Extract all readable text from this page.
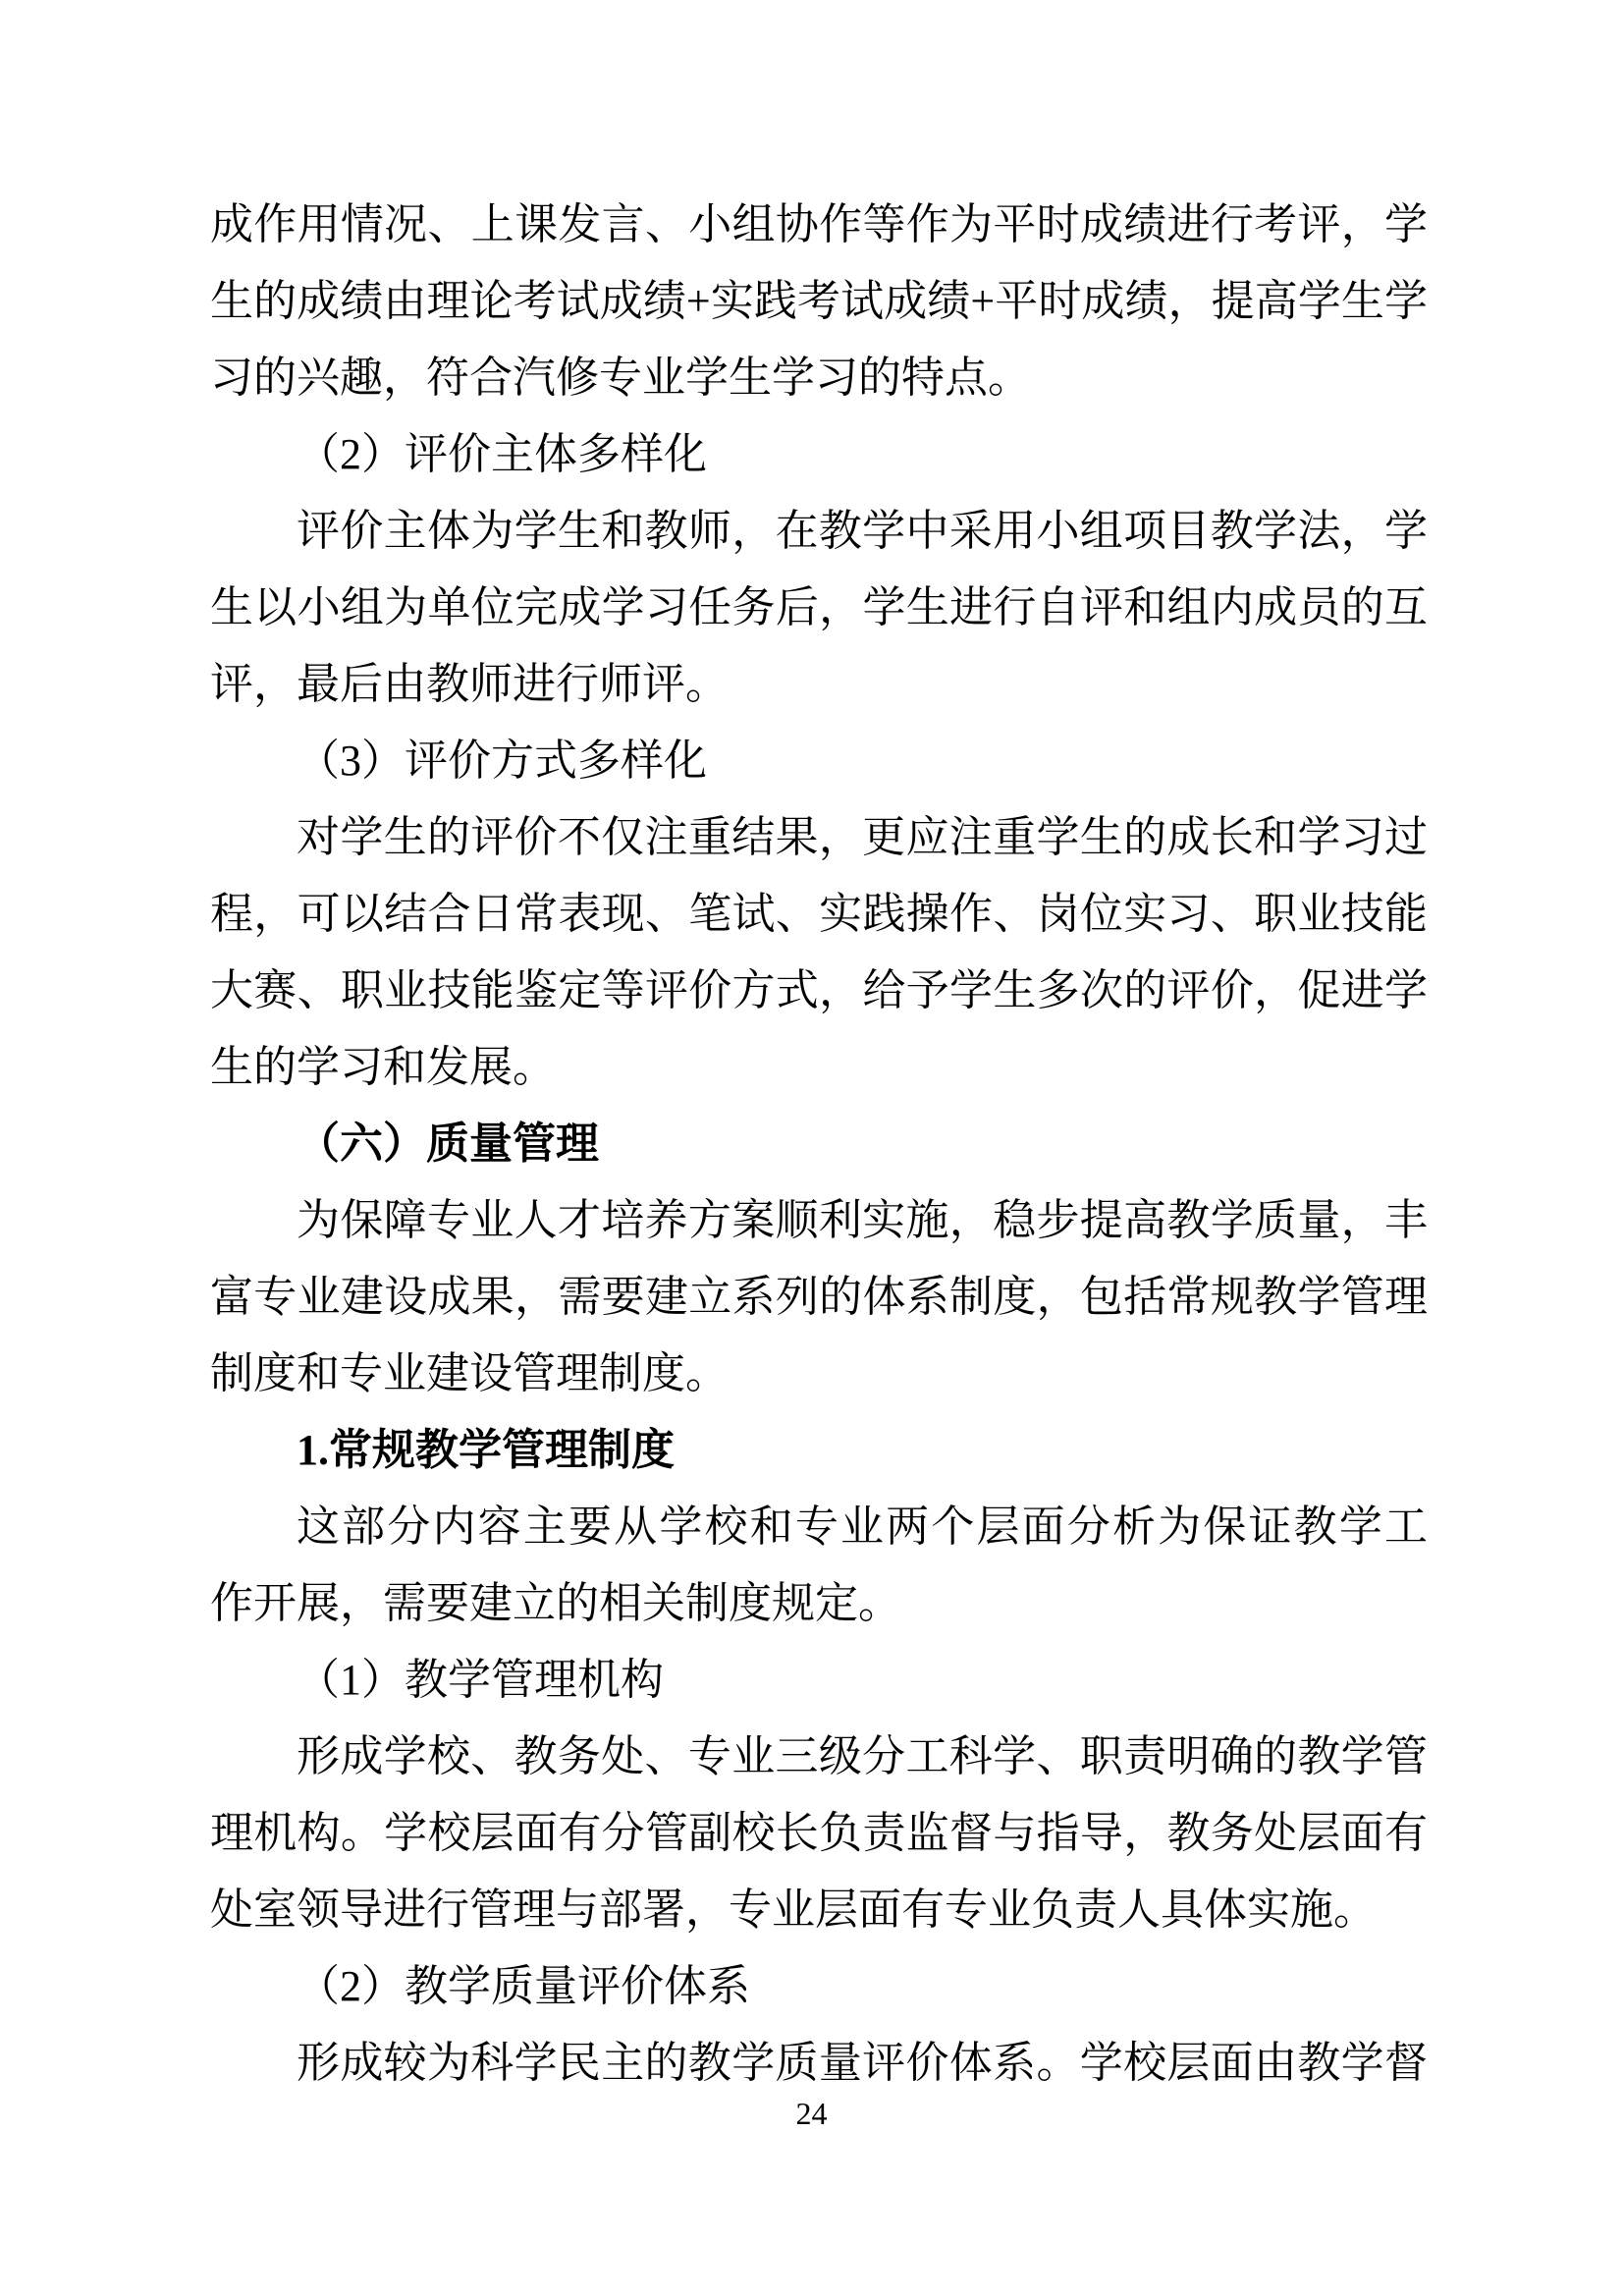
成作用情况、上课发言、小组协作等作为平时成绩进行考评，学
生的成绩由理论考试成绩+实践考试成绩+平时成绩，提高学生学
习的兴趣，符合汽修专业学生学习的特点。
（2）评价主体多样化
评价主体为学生和教师，在教学中采用小组项目教学法，学
生以小组为单位完成学习任务后，学生进行自评和组内成员的互
评，最后由教师进行师评。
（3）评价方式多样化
对学生的评价不仅注重结果，更应注重学生的成长和学习过
程，可以结合日常表现、笔试、实践操作、岗位实习、职业技能
大赛、职业技能鉴定等评价方式，给予学生多次的评价，促进学
生的学习和发展。
（六）质量管理
为保障专业人才培养方案顺利实施，稳步提高教学质量，丰
富专业建设成果，需要建立系列的体系制度，包括常规教学管理
制度和专业建设管理制度。
1.常规教学管理制度
这部分内容主要从学校和专业两个层面分析为保证教学工
作开展，需要建立的相关制度规定。
（1）教学管理机构
形成学校、教务处、专业三级分工科学、职责明确的教学管
理机构。学校层面有分管副校长负责监督与指导，教务处层面有
处室领导进行管理与部署，专业层面有专业负责人具体实施。
（2）教学质量评价体系
形成较为科学民主的教学质量评价体系。学校层面由教学督
24
